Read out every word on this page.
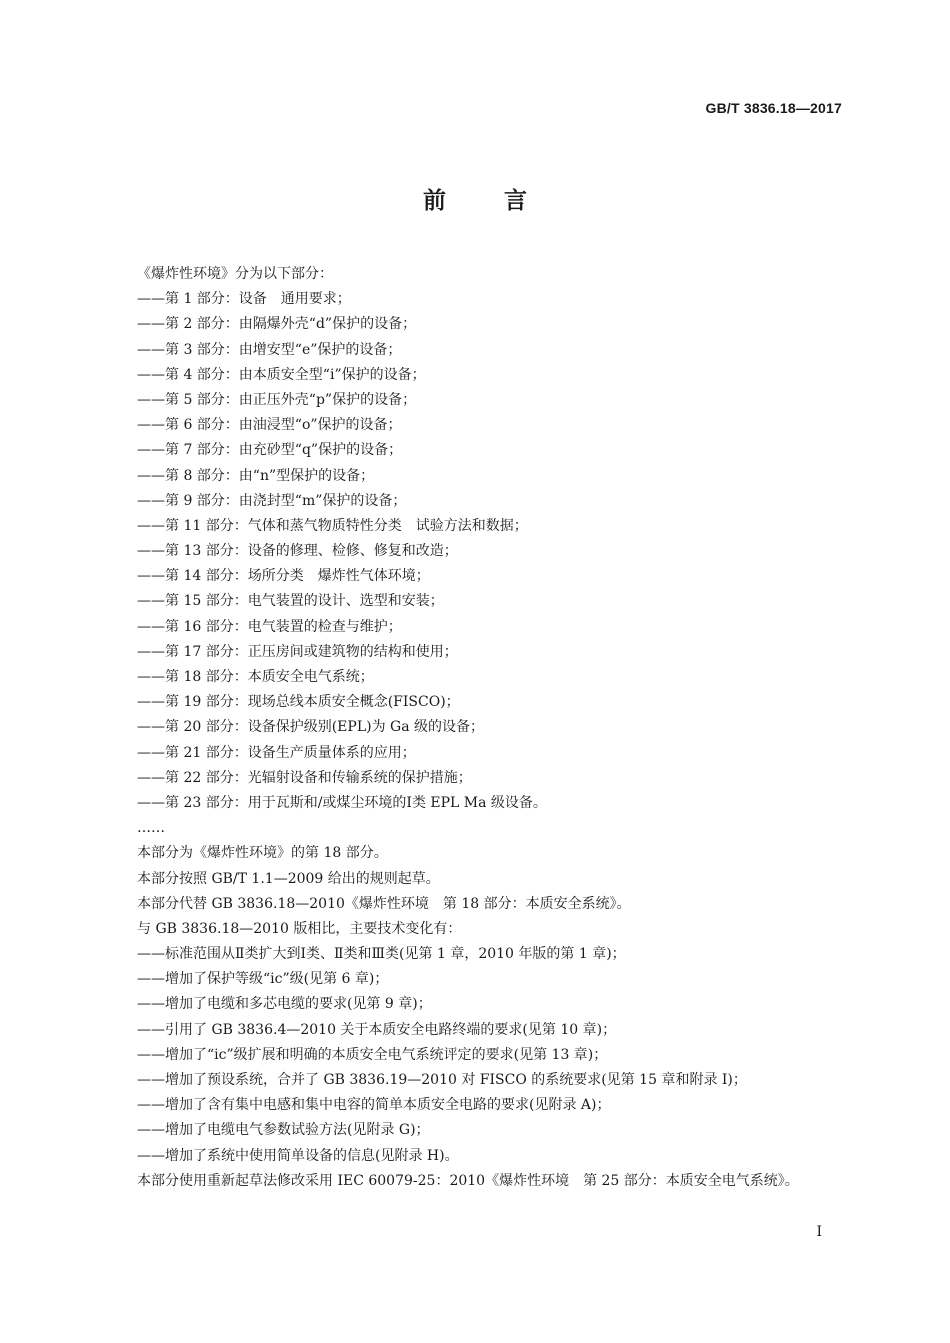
GB/T 3836.18—2017
前言
《爆炸性环境》分为以下部分：
——第 1 部分：设备　通用要求；
——第 2 部分：由隔爆外壳“d”保护的设备；
——第 3 部分：由增安型“e”保护的设备；
——第 4 部分：由本质安全型“i”保护的设备；
——第 5 部分：由正压外壳“p”保护的设备；
——第 6 部分：由油浸型“o”保护的设备；
——第 7 部分：由充砂型“q”保护的设备；
——第 8 部分：由“n”型保护的设备；
——第 9 部分：由浇封型“m”保护的设备；
——第 11 部分：气体和蒸气物质特性分类　试验方法和数据；
——第 13 部分：设备的修理、检修、修复和改造；
——第 14 部分：场所分类　爆炸性气体环境；
——第 15 部分：电气装置的设计、选型和安装；
——第 16 部分：电气装置的检查与维护；
——第 17 部分：正压房间或建筑物的结构和使用；
——第 18 部分：本质安全电气系统；
——第 19 部分：现场总线本质安全概念(FISCO)；
——第 20 部分：设备保护级别(EPL)为 Ga 级的设备；
——第 21 部分：设备生产质量体系的应用；
——第 22 部分：光辐射设备和传输系统的保护措施；
——第 23 部分：用于瓦斯和/或煤尘环境的Ⅰ类 EPL Ma 级设备。
……
本部分为《爆炸性环境》的第 18 部分。
本部分按照 GB/T 1.1—2009 给出的规则起草。
本部分代替 GB 3836.18—2010《爆炸性环境　第 18 部分：本质安全系统》。
与 GB 3836.18—2010 版相比，主要技术变化有：
——标准范围从Ⅱ类扩大到Ⅰ类、Ⅱ类和Ⅲ类(见第 1 章，2010 年版的第 1 章)；
——增加了保护等级“ic”级(见第 6 章)；
——增加了电缆和多芯电缆的要求(见第 9 章)；
——引用了 GB 3836.4—2010 关于本质安全电路终端的要求(见第 10 章)；
——增加了“ic”级扩展和明确的本质安全电气系统评定的要求(见第 13 章)；
——增加了预设系统，合并了 GB 3836.19—2010 对 FISCO 的系统要求(见第 15 章和附录 I)；
——增加了含有集中电感和集中电容的简单本质安全电路的要求(见附录 A)；
——增加了电缆电气参数试验方法(见附录 G)；
——增加了系统中使用简单设备的信息(见附录 H)。
本部分使用重新起草法修改采用 IEC 60079-25：2010《爆炸性环境　第 25 部分：本质安全电气系统》。
Ⅰ
